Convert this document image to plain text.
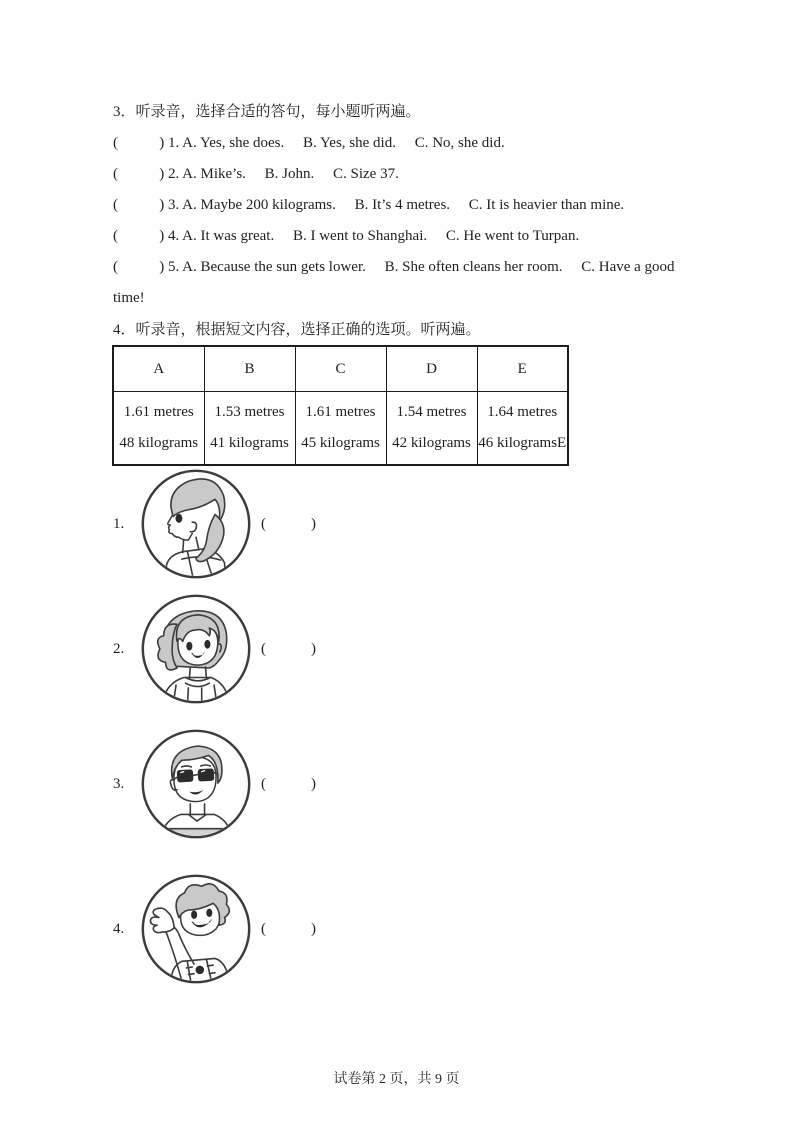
3．听录音，选择合适的答句，每小题听两遍。
(           ) 1. A. Yes, she does.     B. Yes, she did.     C. No, she did.
(           ) 2. A. Mike’s.     B. John.     C. Size 37.
(           ) 3. A. Maybe 200 kilograms.     B. It’s 4 metres.     C. It is heavier than mine.
(           ) 4. A. It was great.     B. I went to Shanghai.     C. He went to Turpan.
(           ) 5. A. Because the sun gets lower.     B. She often cleans her room.     C. Have a good
time!
4．听录音，根据短文内容，选择正确的选项。听两遍。
A	B	C	D	E

1.61 metres
48 kilograms

1.53 metres
41 kilograms

1.61 metres
45 kilograms

1.54 metres
42 kilograms

1.64 metres
46 kilogramsE
1.	(            )
2.	(            )
3.	(            )
4.	(            )
试卷第 2 页，共 9 页
